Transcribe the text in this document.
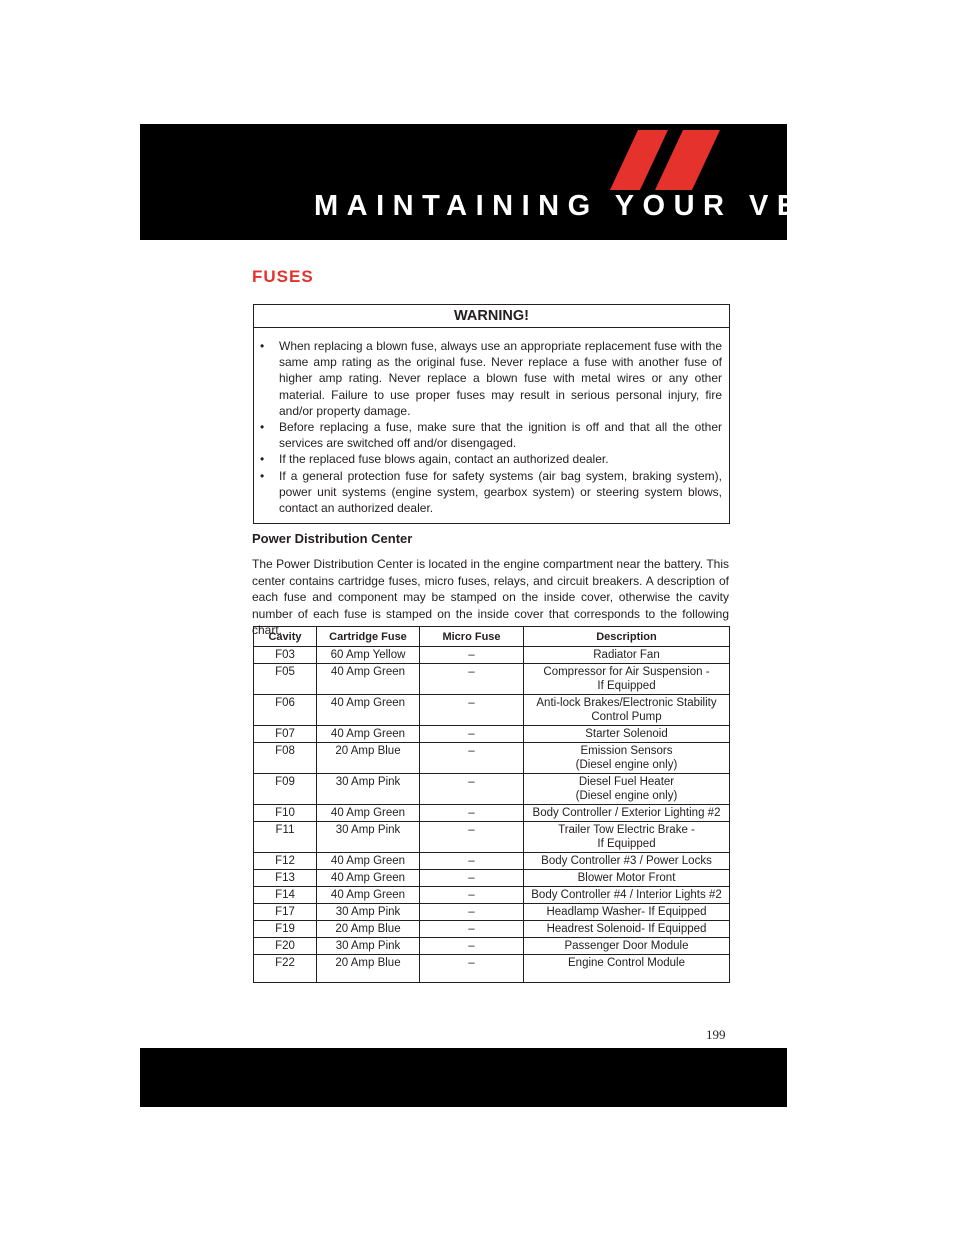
MAINTAINING YOUR VEHICLE
FUSES
WARNING!
• When replacing a blown fuse, always use an appropriate replacement fuse with the same amp rating as the original fuse. Never replace a fuse with another fuse of higher amp rating. Never replace a blown fuse with metal wires or any other material. Failure to use proper fuses may result in serious personal injury, fire and/or property damage.
• Before replacing a fuse, make sure that the ignition is off and that all the other services are switched off and/or disengaged.
• If the replaced fuse blows again, contact an authorized dealer.
• If a general protection fuse for safety systems (air bag system, braking system), power unit systems (engine system, gearbox system) or steering system blows, contact an authorized dealer.
Power Distribution Center
The Power Distribution Center is located in the engine compartment near the battery. This center contains cartridge fuses, micro fuses, relays, and circuit breakers. A description of each fuse and component may be stamped on the inside cover, otherwise the cavity number of each fuse is stamped on the inside cover that corresponds to the following chart.
Cavity	Cartridge Fuse	Micro Fuse	Description
F03	60 Amp Yellow	–	Radiator Fan
F05	40 Amp Green	–	Compressor for Air Suspension -
If Equipped
F06	40 Amp Green	–	Anti-lock Brakes/Electronic Stability
Control Pump
F07	40 Amp Green	–	Starter Solenoid
F08	20 Amp Blue	–	Emission Sensors
(Diesel engine only)
F09	30 Amp Pink	–	Diesel Fuel Heater
(Diesel engine only)
F10	40 Amp Green	–	Body Controller / Exterior Lighting #2
F11	30 Amp Pink	–	Trailer Tow Electric Brake -
If Equipped
F12	40 Amp Green	–	Body Controller #3 / Power Locks
F13	40 Amp Green	–	Blower Motor Front
F14	40 Amp Green	–	Body Controller #4 / Interior Lights #2
F17	30 Amp Pink	–	Headlamp Washer- If Equipped
F19	20 Amp Blue	–	Headrest Solenoid- If Equipped
F20	30 Amp Pink	–	Passenger Door Module
F22	20 Amp Blue	–	Engine Control Module
199
